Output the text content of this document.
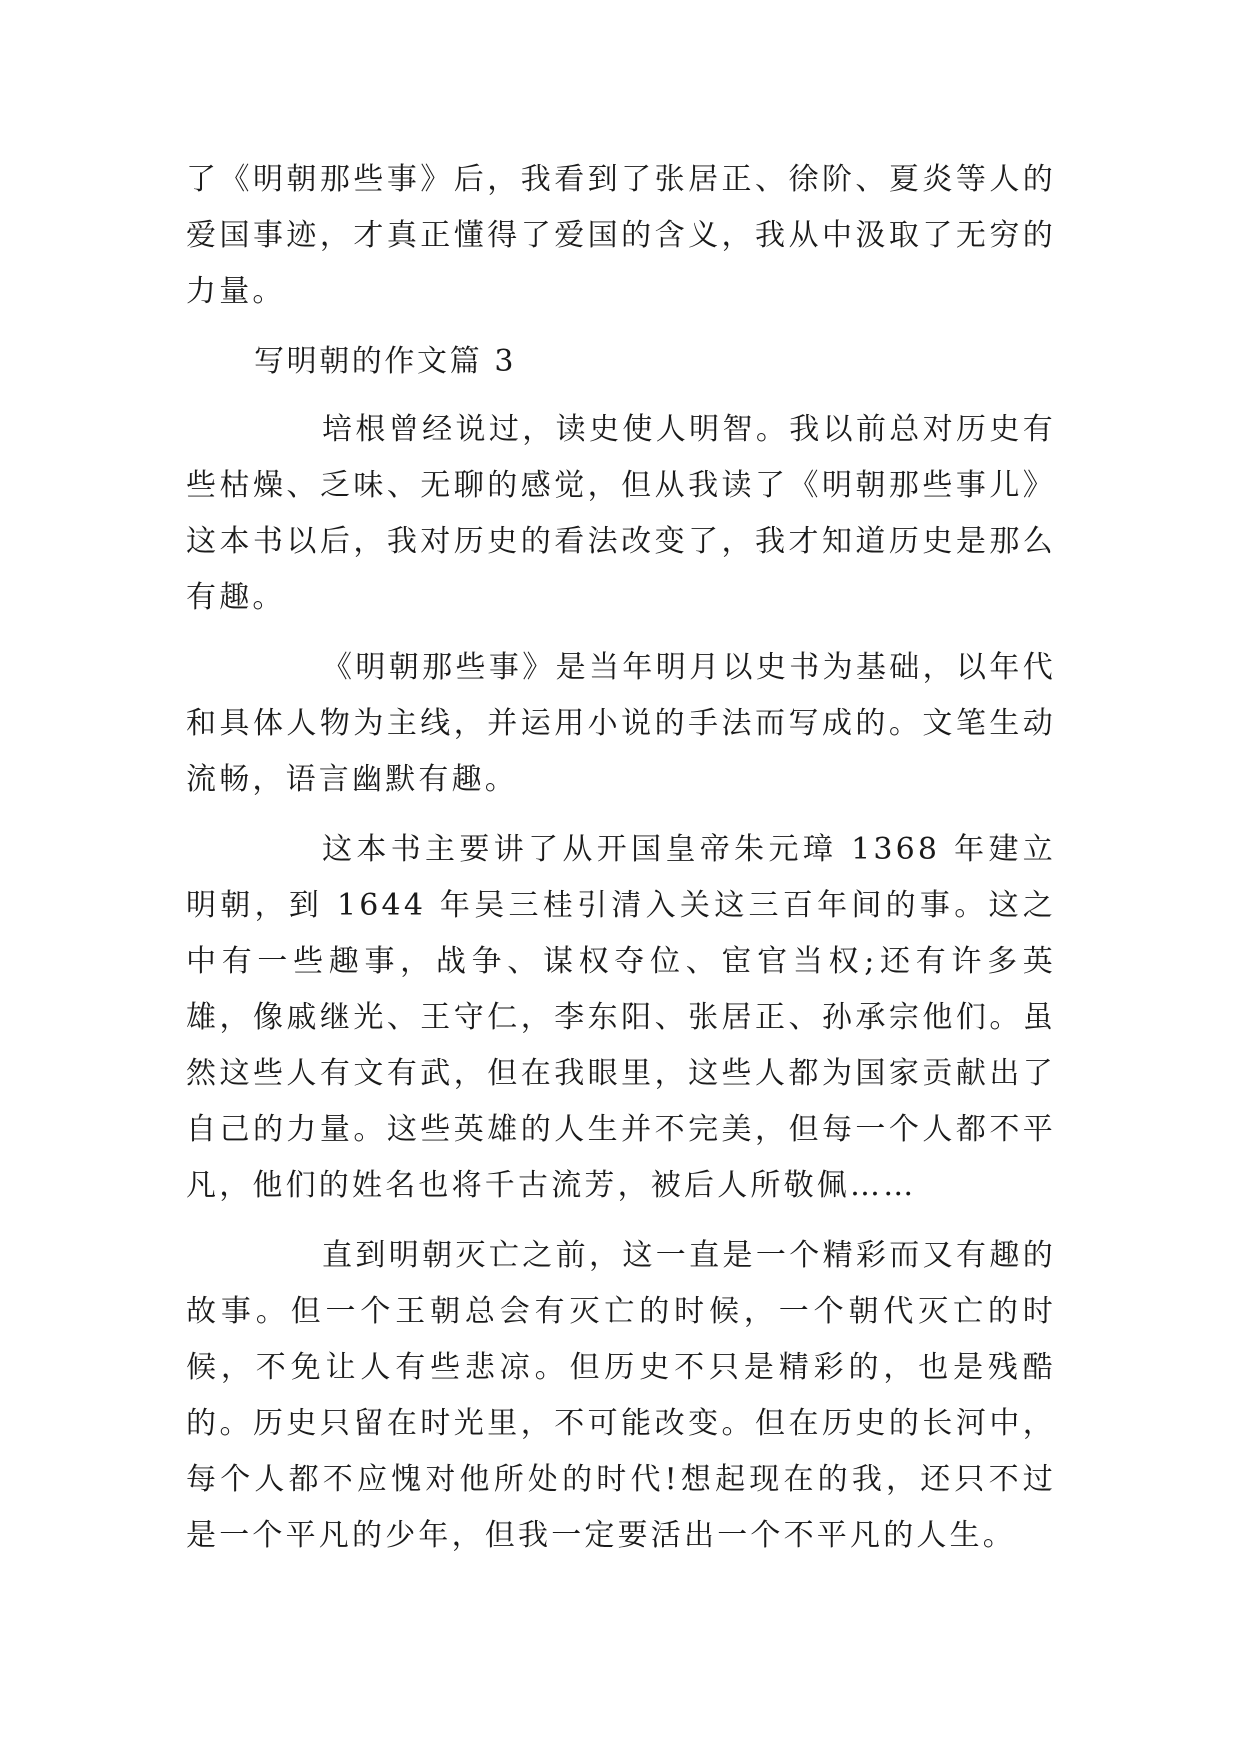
了《明朝那些事》后，我看到了张居正、徐阶、夏炎等人的爱国事迹，才真正懂得了爱国的含义，我从中汲取了无穷的力量。

写明朝的作文篇 3

培根曾经说过，读史使人明智。我以前总对历史有些枯燥、乏味、无聊的感觉，但从我读了《明朝那些事儿》这本书以后，我对历史的看法改变了，我才知道历史是那么有趣。

《明朝那些事》是当年明月以史书为基础，以年代和具体人物为主线，并运用小说的手法而写成的。文笔生动流畅，语言幽默有趣。

这本书主要讲了从开国皇帝朱元璋 1368 年建立明朝，到 1644 年吴三桂引清入关这三百年间的事。这之中有一些趣事，战争、谋权夺位、宦官当权;还有许多英雄，像戚继光、王守仁，李东阳、张居正、孙承宗他们。虽然这些人有文有武，但在我眼里，这些人都为国家贡献出了自己的力量。这些英雄的人生并不完美，但每一个人都不平凡，他们的姓名也将千古流芳，被后人所敬佩……

直到明朝灭亡之前，这一直是一个精彩而又有趣的故事。但一个王朝总会有灭亡的时候，一个朝代灭亡的时候，不免让人有些悲凉。但历史不只是精彩的，也是残酷的。历史只留在时光里，不可能改变。但在历史的长河中，每个人都不应愧对他所处的时代!想起现在的我，还只不过是一个平凡的少年，但我一定要活出一个不平凡的人生。
